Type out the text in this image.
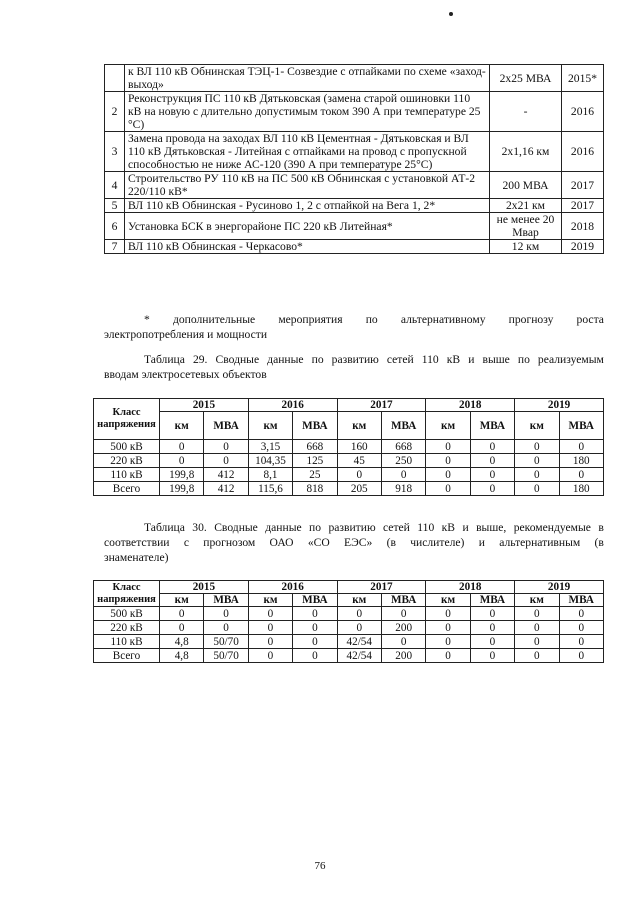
	к ВЛ 110 кВ Обнинская ТЭЦ-1- Созвездие с отпайками по схеме «заход-выход»	2х25 МВА	2015*
2	Реконструкция ПС 110 кВ Дятьковская (замена старой ошиновки 110 кВ на новую с длительно допустимым током 390 А при температуре 25 °С)	-	2016
3	Замена провода на заходах ВЛ 110 кВ Цементная - Дятьковская и ВЛ 110 кВ Дятьковская - Литейная с отпайками на провод с пропускной способностью не ниже АС-120 (390 А при температуре 25°С)	2х1,16 км	2016
4	Строительство РУ 110 кВ на ПС 500 кВ Обнинская с установкой АТ-2 220/110 кВ*	200 МВА	2017
5	ВЛ 110 кВ Обнинская - Русиново 1, 2 с отпайкой на Вега 1, 2*	2х21 км	2017
6	Установка БСК в энергорайоне ПС 220 кВ Литейная*	не менее 20 Мвар	2018
7	ВЛ 110 кВ Обнинская - Черкасово*	12 км	2019
* дополнительные мероприятия по альтернативному прогнозу роста
электропотребления и мощности
Таблица 29. Сводные данные по развитию сетей 110 кВ и выше по реализуемым
вводам электросетевых объектов
Класс напряжения	2015		2016		2017		2018		2019	
	км	МВА	км	МВА	км	МВА	км	МВА	км	МВА
500 кВ	0	0	3,15	668	160	668	0	0	0	0
220 кВ	0	0	104,35	125	45	250	0	0	0	180
110 кВ	199,8	412	8,1	25	0	0	0	0	0	0
Всего	199,8	412	115,6	818	205	918	0	0	0	180
Таблица 30. Сводные данные по развитию сетей 110 кВ и выше, рекомендуемые в
соответствии с прогнозом ОАО «СО ЕЭС» (в числителе) и альтернативным (в
знаменателе)
Класс напряжения	2015		2016		2017		2018		2019	
	км	МВА	км	МВА	км	МВА	км	МВА	км	МВА
500 кВ	0	0	0	0	0	0	0	0	0	0
220 кВ	0	0	0	0	0	200	0	0	0	0
110 кВ	4,8	50/70	0	0	42/54	0	0	0	0	0
Всего	4,8	50/70	0	0	42/54	200	0	0	0	0
76
